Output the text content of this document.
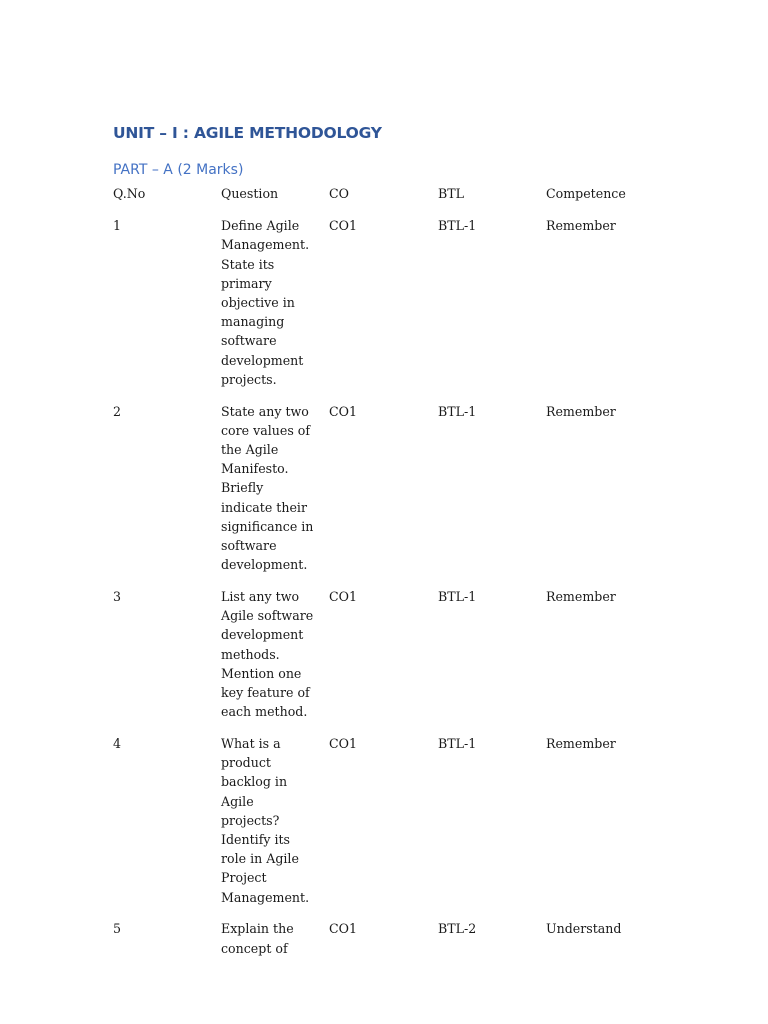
UNIT – I : AGILE METHODOLOGY
PART – A (2 Marks)
Q.No	Question	CO	BTL	Competence
1	Define Agile Management. State its primary objective in managing software development projects.	CO1	BTL-1	Remember
2	State any two core values of the Agile Manifesto. Briefly indicate their significance in software development.	CO1	BTL-1	Remember
3	List any two Agile software development methods. Mention one key feature of each method.	CO1	BTL-1	Remember
4	What is a product backlog in Agile projects? Identify its role in Agile Project Management.	CO1	BTL-1	Remember
5	Explain the concept of	CO1	BTL-2	Understand
